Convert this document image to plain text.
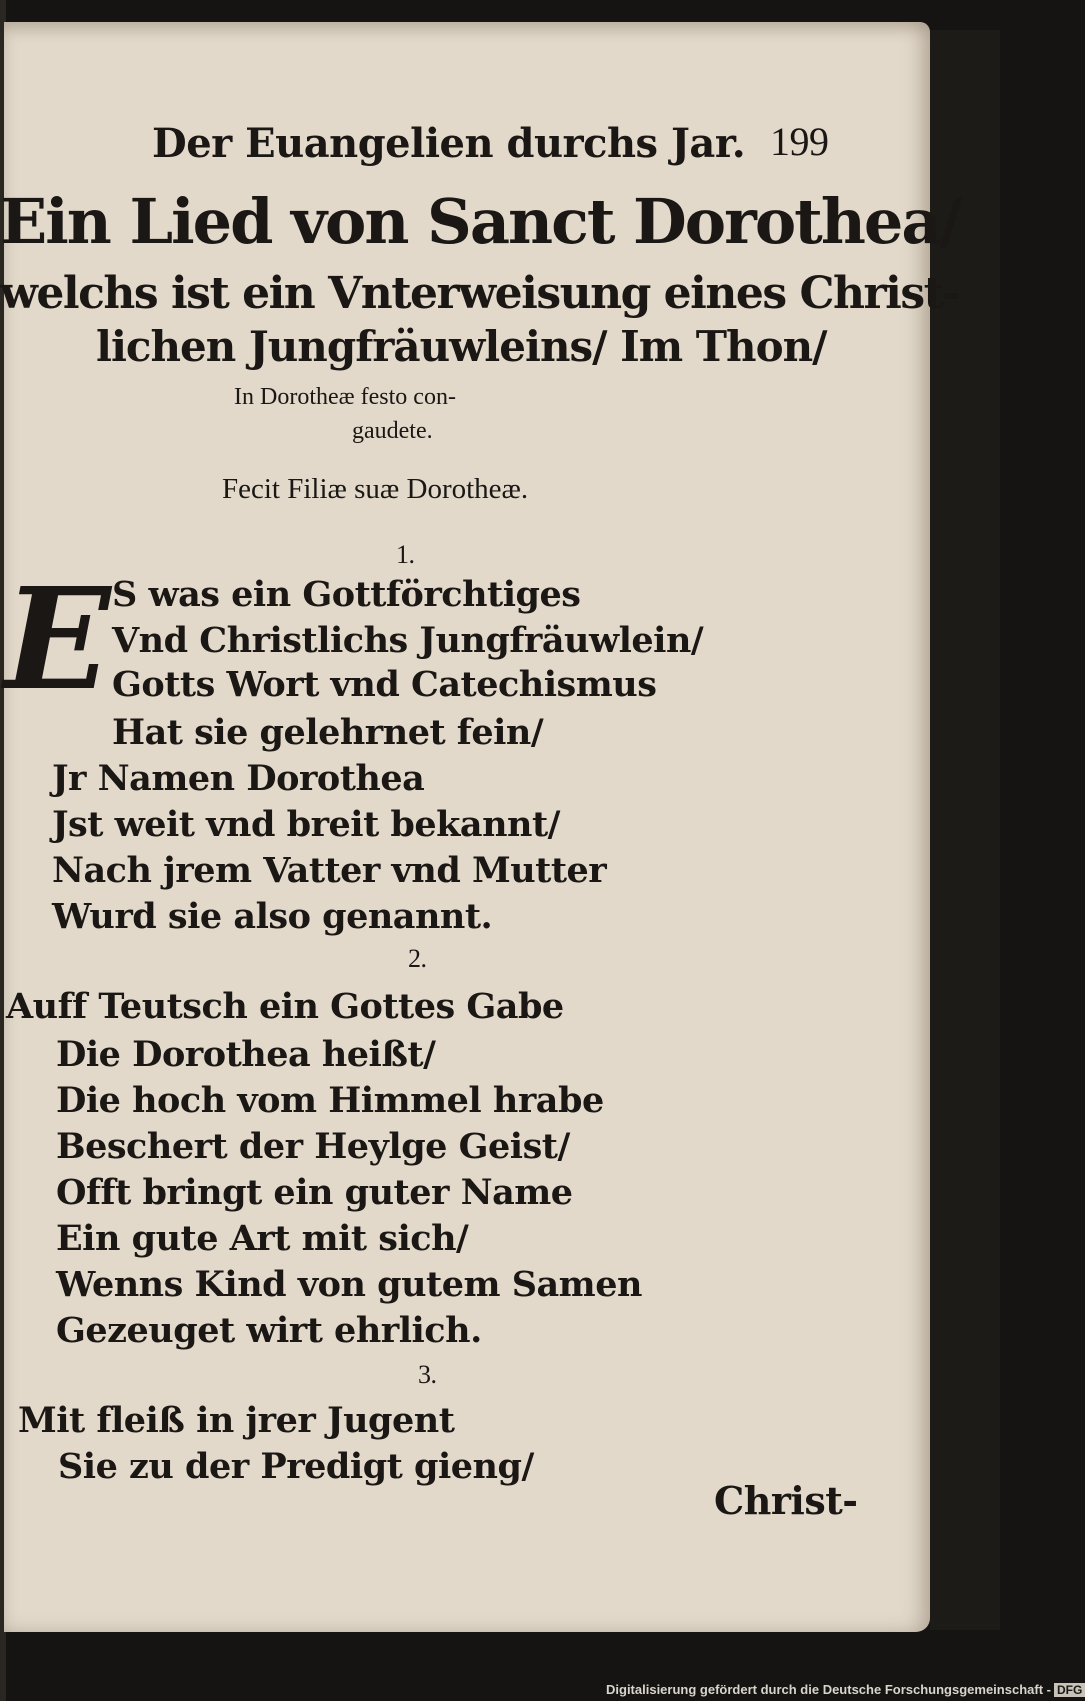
Der Euangelien durchs Jar. 199
Ein Lied von Sanct Dorothea/
welchs ist ein Vnterweisung eines Christ-
lichen Jungfräuwleins/ Im Thon/
In Dorotheæ festo con-
gaudete.
Fecit Filiæ suæ Dorotheæ.
1.
E S was ein Gottförchtiges
Vnd Christlichs Jungfräuwlein/
Gotts Wort vnd Catechismus
Hat sie gelehrnet fein/
Jr Namen Dorothea
Jst weit vnd breit bekannt/
Nach jrem Vatter vnd Mutter
Wurd sie also genannt.
2.
Auff Teutsch ein Gottes Gabe
Die Dorothea heißt/
Die hoch vom Himmel hrabe
Beschert der Heylge Geist/
Offt bringt ein guter Name
Ein gute Art mit sich/
Wenns Kind von gutem Samen
Gezeuget wirt ehrlich.
3.
Mit fleiß in jrer Jugent
Sie zu der Predigt gieng/
Christ-
Digitalisierung gefördert durch die Deutsche Forschungsgemeinschaft - DFG
